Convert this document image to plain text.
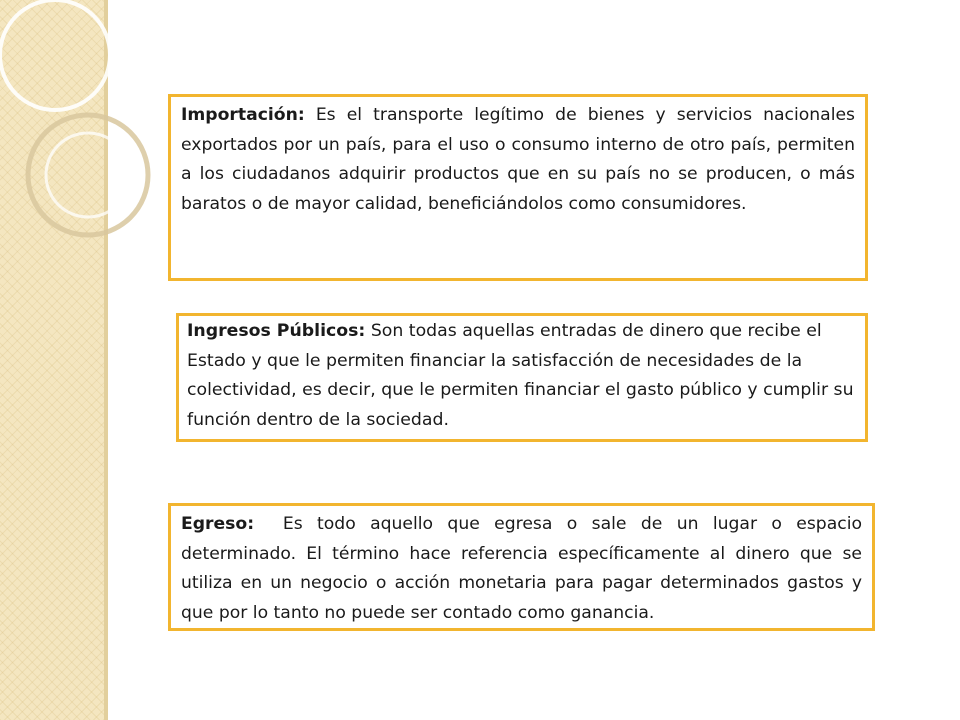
Importación: Es el transporte legítimo de bienes y servicios nacionales exportados por un país, para el uso o consumo interno de otro país, permiten a los ciudadanos adquirir productos que en su país no se producen, o más baratos o de mayor calidad, beneficiándolos como consumidores.

Ingresos Públicos: Son todas aquellas entradas de dinero que recibe el Estado y que le permiten financiar la satisfacción de necesidades de la colectividad, es decir, que le permiten financiar el gasto público y cumplir su función dentro de la sociedad.

Egreso: Es todo aquello que egresa o sale de un lugar o espacio determinado. El término hace referencia específicamente al dinero que se utiliza en un negocio o acción monetaria para pagar determinados gastos y que por lo tanto no puede ser contado como ganancia.
